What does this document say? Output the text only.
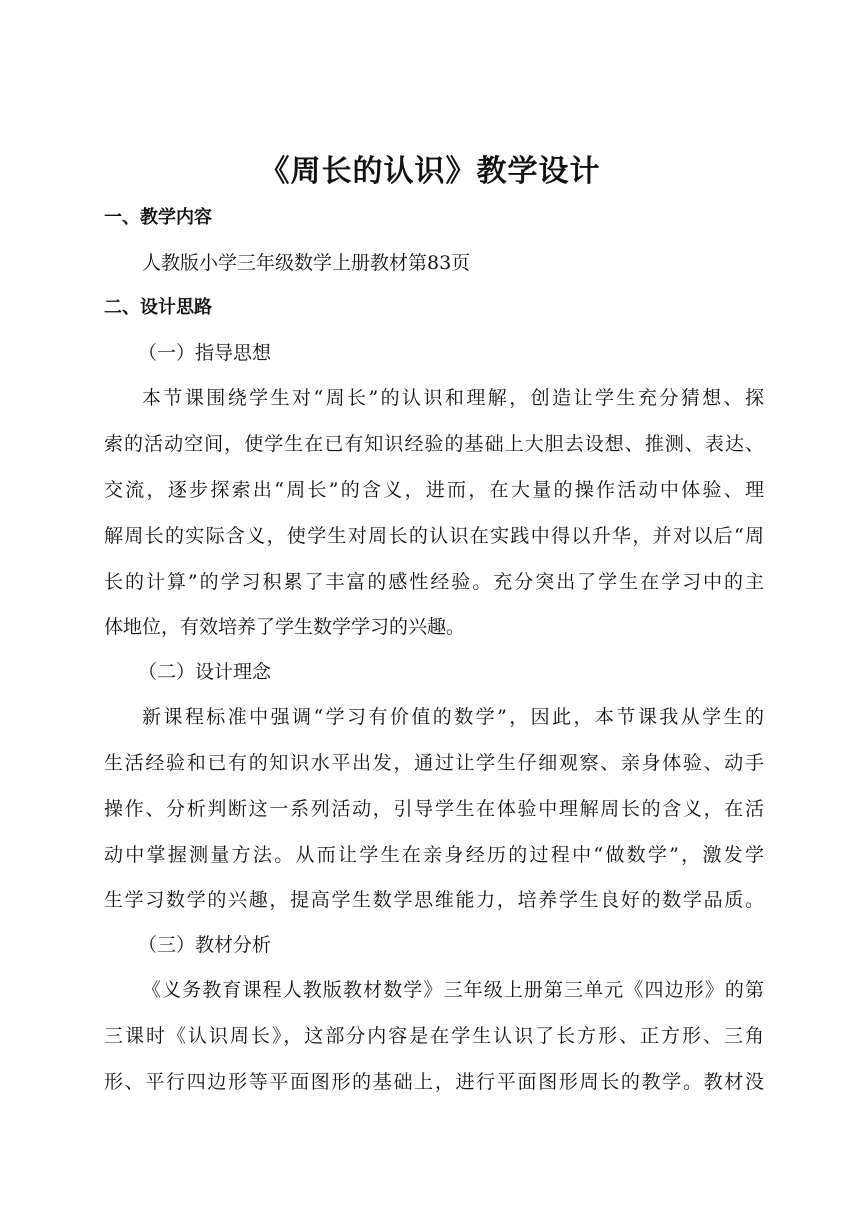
《周长的认识》教学设计
一、教学内容
人教版小学三年级数学上册教材第83页
二、设计思路
（一）指导思想
本节课围绕学生对“周长”的认识和理解，创造让学生充分猜想、探
索的活动空间，使学生在已有知识经验的基础上大胆去设想、推测、表达、
交流，逐步探索出“周长”的含义，进而，在大量的操作活动中体验、理
解周长的实际含义，使学生对周长的认识在实践中得以升华，并对以后“周
长的计算”的学习积累了丰富的感性经验。充分突出了学生在学习中的主
体地位，有效培养了学生数学学习的兴趣。
（二）设计理念
新课程标准中强调“学习有价值的数学”，因此，本节课我从学生的
生活经验和已有的知识水平出发，通过让学生仔细观察、亲身体验、动手
操作、分析判断这一系列活动，引导学生在体验中理解周长的含义，在活
动中掌握测量方法。从而让学生在亲身经历的过程中“做数学”，激发学
生学习数学的兴趣，提高学生数学思维能力，培养学生良好的数学品质。
（三）教材分析
《义务教育课程人教版教材数学》三年级上册第三单元《四边形》的第
三课时《认识周长》，这部分内容是在学生认识了长方形、正方形、三角
形、平行四边形等平面图形的基础上，进行平面图形周长的教学。教材没
